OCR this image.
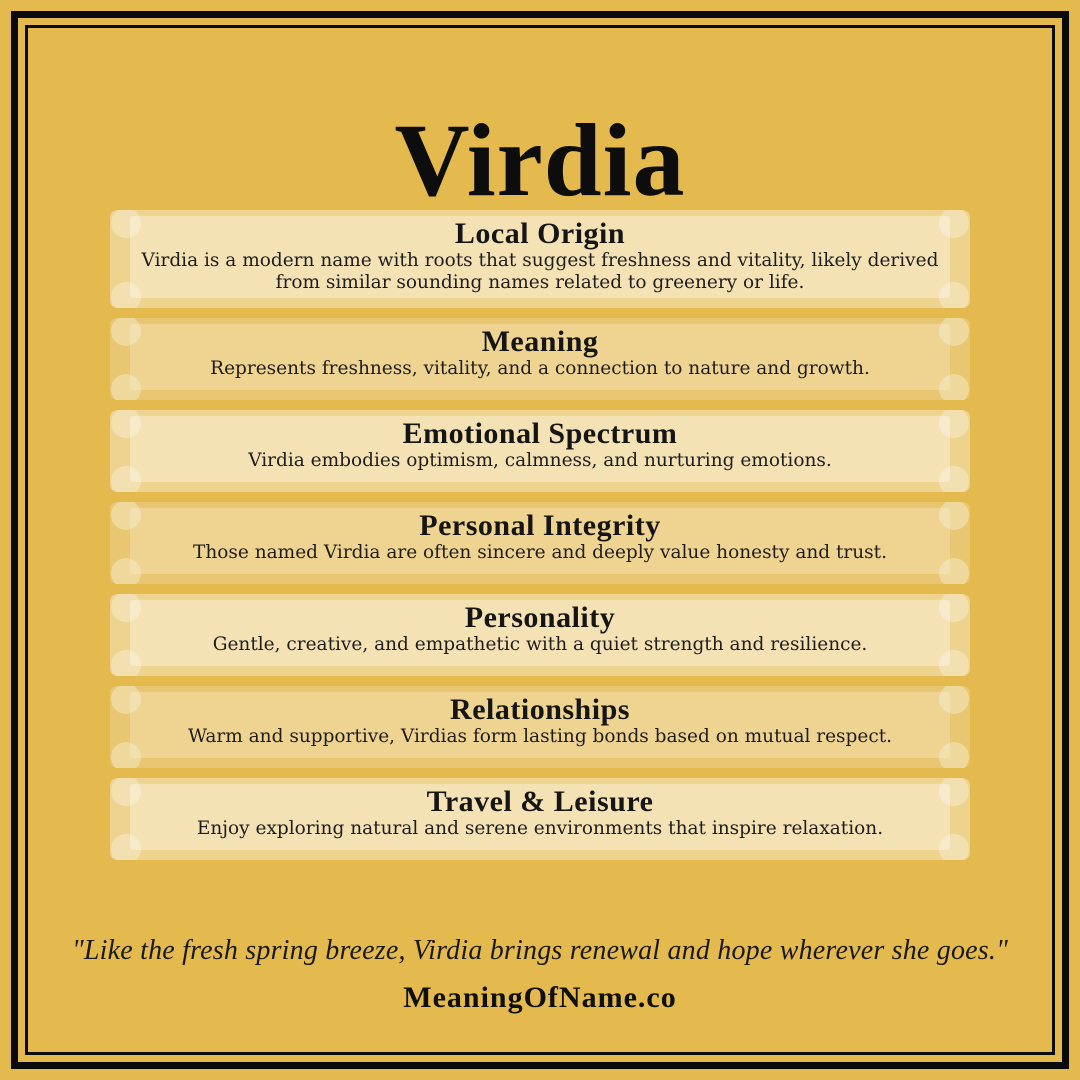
Virdia
Local Origin

Virdia is a modern name with roots that suggest freshness and vitality, likely derived from similar sounding names related to greenery or life.

Meaning

Represents freshness, vitality, and a connection to nature and growth.

Emotional Spectrum

Virdia embodies optimism, calmness, and nurturing emotions.

Personal Integrity

Those named Virdia are often sincere and deeply value honesty and trust.

Personality

Gentle, creative, and empathetic with a quiet strength and resilience.

Relationships

Warm and supportive, Virdias form lasting bonds based on mutual respect.

Travel & Leisure

Enjoy exploring natural and serene environments that inspire relaxation.

"Like the fresh spring breeze, Virdia brings renewal and hope wherever she goes."
MeaningOfName.co
